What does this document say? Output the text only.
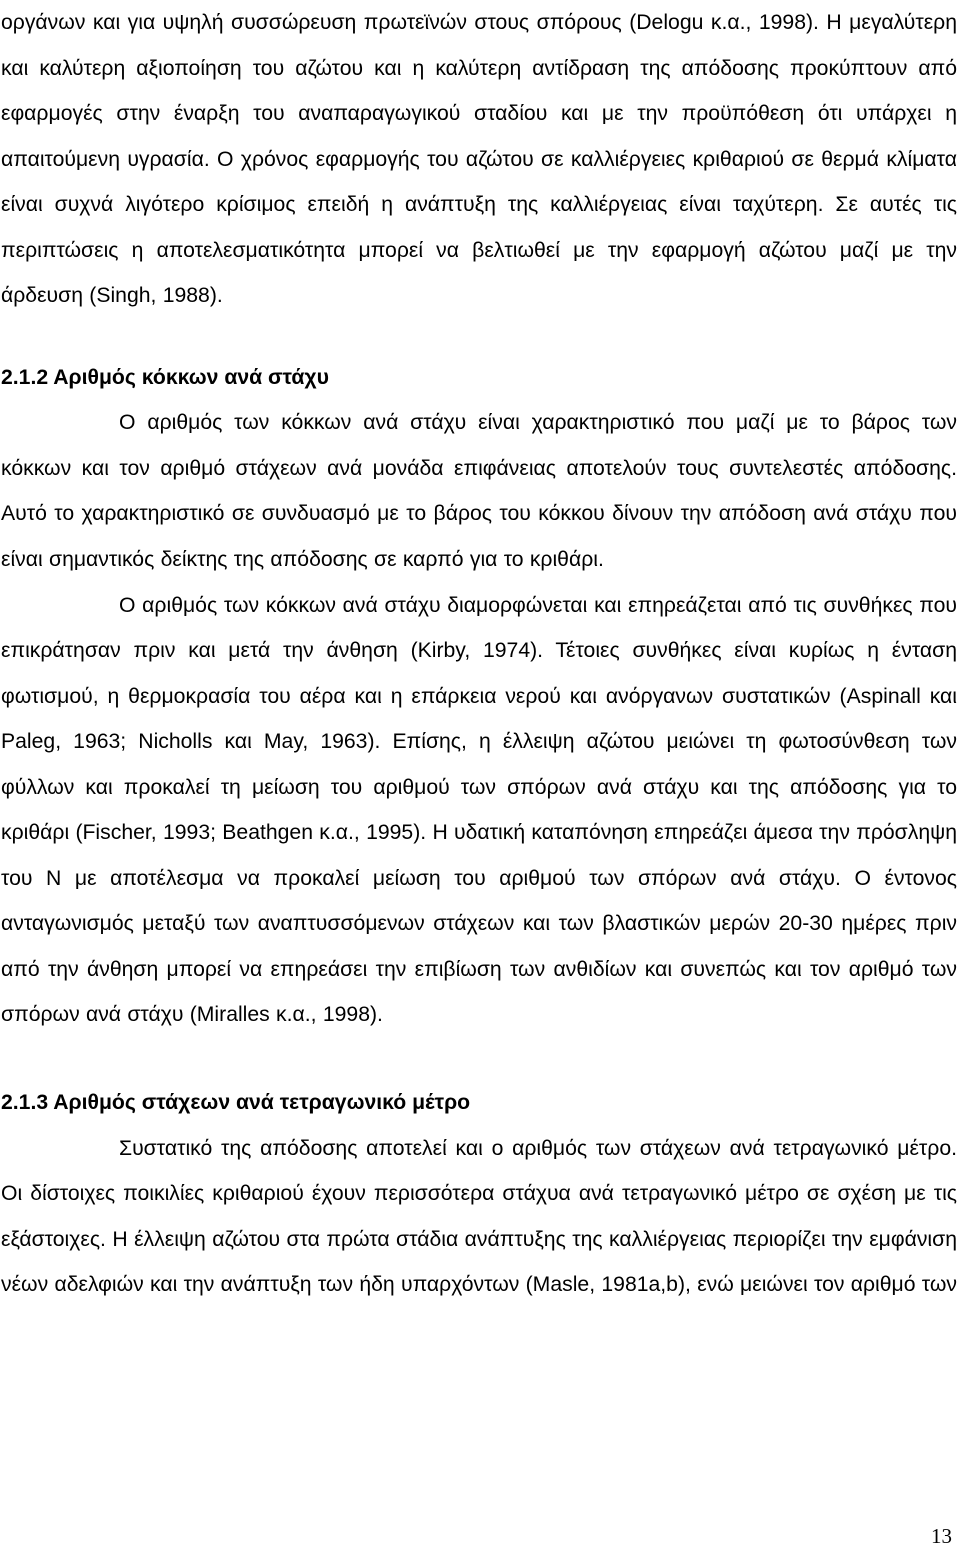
οργάνων και για υψηλή συσσώρευση πρωτεϊνών στους σπόρους (Delogu κ.α., 1998). Η μεγαλύτερη και καλύτερη αξιοποίηση του αζώτου και η καλύτερη αντίδραση της απόδοσης προκύπτουν από εφαρμογές στην έναρξη του αναπαραγωγικού σταδίου και με την προϋπόθεση ότι υπάρχει η απαιτούμενη υγρασία. Ο χρόνος εφαρμογής του αζώτου σε καλλιέργειες κριθαριού σε θερμά κλίματα είναι συχνά λιγότερο κρίσιμος επειδή η ανάπτυξη της καλλιέργειας είναι ταχύτερη. Σε αυτές τις περιπτώσεις η αποτελεσματικότητα μπορεί να βελτιωθεί με την εφαρμογή αζώτου μαζί με την άρδευση (Singh, 1988).

2.1.2 Αριθμός κόκκων ανά στάχυ

Ο αριθμός των κόκκων ανά στάχυ είναι χαρακτηριστικό που μαζί με το βάρος των κόκκων και τον αριθμό στάχεων ανά μονάδα επιφάνειας αποτελούν τους συντελεστές απόδοσης. Αυτό το χαρακτηριστικό σε συνδυασμό με το βάρος του κόκκου δίνουν την απόδοση ανά στάχυ που είναι σημαντικός δείκτης της απόδοσης σε καρπό για το κριθάρι.

Ο αριθμός των κόκκων ανά στάχυ διαμορφώνεται και επηρεάζεται από τις συνθήκες που επικράτησαν πριν και μετά την άνθηση (Kirby, 1974). Τέτοιες συνθήκες είναι κυρίως η ένταση φωτισμού, η θερμοκρασία του αέρα και η επάρκεια νερού και ανόργανων συστατικών (Aspinall και Paleg, 1963; Nicholls και May, 1963). Επίσης, η έλλειψη αζώτου μειώνει τη φωτοσύνθεση των φύλλων και προκαλεί τη μείωση του αριθμού των σπόρων ανά στάχυ και της απόδοσης για το κριθάρι (Fischer, 1993; Beathgen κ.α., 1995). Η υδατική καταπόνηση επηρεάζει άμεσα την πρόσληψη του N με αποτέλεσμα να προκαλεί μείωση του αριθμού των σπόρων ανά στάχυ. Ο έντονος ανταγωνισμός μεταξύ των αναπτυσσόμενων στάχεων και των βλαστικών μερών 20-30 ημέρες πριν από την άνθηση μπορεί να επηρεάσει την επιβίωση των ανθιδίων και συνεπώς και τον αριθμό των σπόρων ανά στάχυ (Miralles κ.α., 1998).

2.1.3 Αριθμός στάχεων ανά τετραγωνικό μέτρο

Συστατικό της απόδοσης αποτελεί και ο αριθμός των στάχεων ανά τετραγωνικό μέτρο. Οι δίστοιχες ποικιλίες κριθαριού έχουν περισσότερα στάχυα ανά τετραγωνικό μέτρο σε σχέση με τις εξάστοιχες. Η έλλειψη αζώτου στα πρώτα στάδια ανάπτυξης της καλλιέργειας περιορίζει την εμφάνιση νέων αδελφιών και την ανάπτυξη των ήδη υπαρχόντων (Masle, 1981a,b), ενώ μειώνει τον αριθμό των

13
